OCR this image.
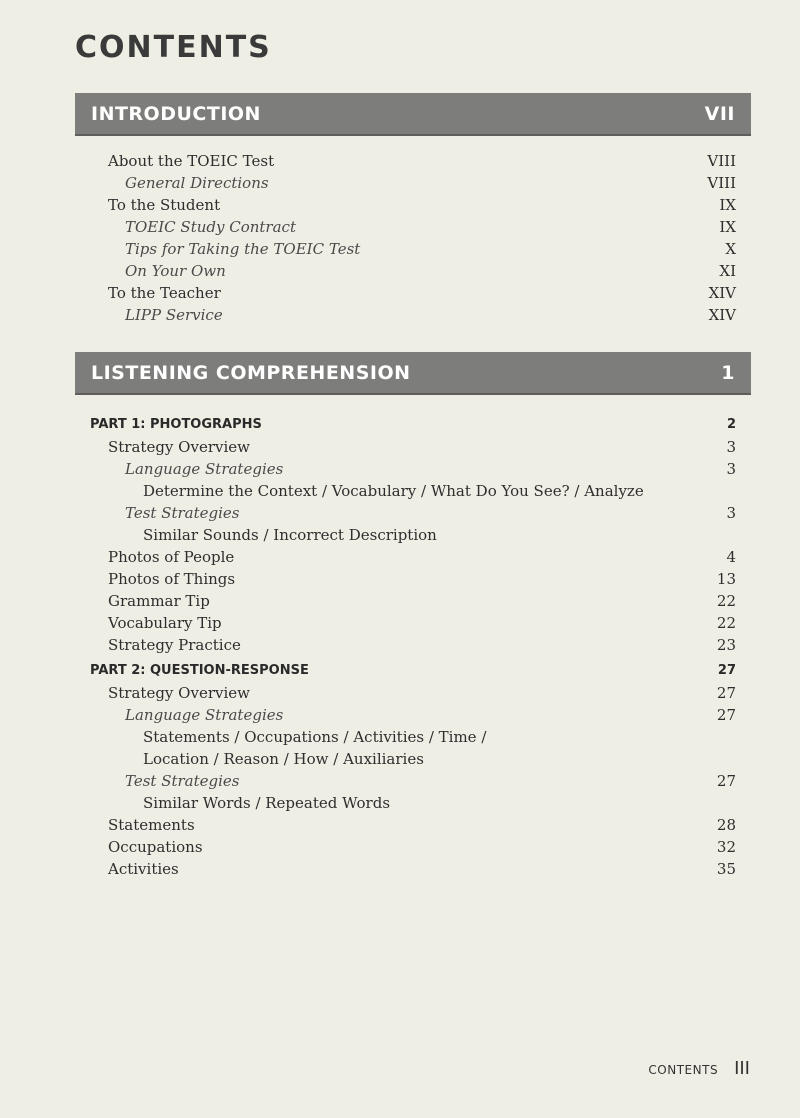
CONTENTS
INTRODUCTION	VII
About the TOEIC Test	VIII
General Directions	VIII
To the Student	IX
TOEIC Study Contract	IX
Tips for Taking the TOEIC Test	X
On Your Own	XI
To the Teacher	XIV
LIPP Service	XIV
LISTENING COMPREHENSION	1
PART 1: PHOTOGRAPHS	2
Strategy Overview	3
Language Strategies	3
Determine the Context / Vocabulary / What Do You See? / Analyze
Test Strategies	3
Similar Sounds / Incorrect Description
Photos of People	4
Photos of Things	13
Grammar Tip	22
Vocabulary Tip	22
Strategy Practice	23
PART 2: QUESTION-RESPONSE	27
Strategy Overview	27
Language Strategies	27
Statements / Occupations / Activities / Time /
Location / Reason / How / Auxiliaries
Test Strategies	27
Similar Words / Repeated Words
Statements	28
Occupations	32
Activities	35
CONTENTS III
